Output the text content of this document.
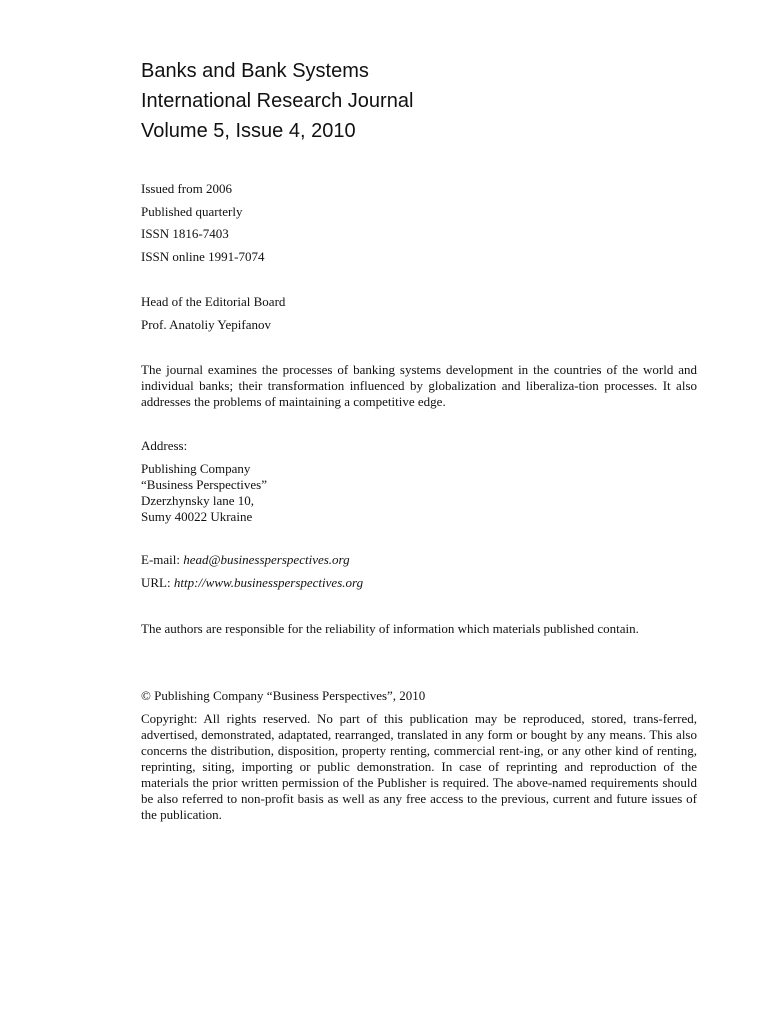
Banks and Bank Systems
International Research Journal
Volume 5, Issue 4, 2010
Issued from 2006
Published quarterly
ISSN 1816-7403
ISSN online 1991-7074
Head of the Editorial Board
Prof. Anatoliy Yepifanov
The journal examines the processes of banking systems development in the countries of the world and individual banks; their transformation influenced by globalization and liberaliza-tion processes. It also addresses the problems of maintaining a competitive edge.
Address:
Publishing Company
“Business Perspectives”
Dzerzhynsky lane 10,
Sumy 40022 Ukraine
E-mail: head@businessperspectives.org
URL: http://www.businessperspectives.org
The authors are responsible for the reliability of information which materials published contain.
© Publishing Company “Business Perspectives”, 2010
Copyright: All rights reserved. No part of this publication may be reproduced, stored, trans-ferred, advertised, demonstrated, adaptated, rearranged, translated in any form or bought by any means. This also concerns the distribution, disposition, property renting, commercial rent-ing, or any other kind of renting, reprinting, siting, importing or public demonstration. In case of reprinting and reproduction of the materials the prior written permission of the Publisher is required. The above-named requirements should be also referred to non-profit basis as well as any free access to the previous, current and future issues of the publication.
